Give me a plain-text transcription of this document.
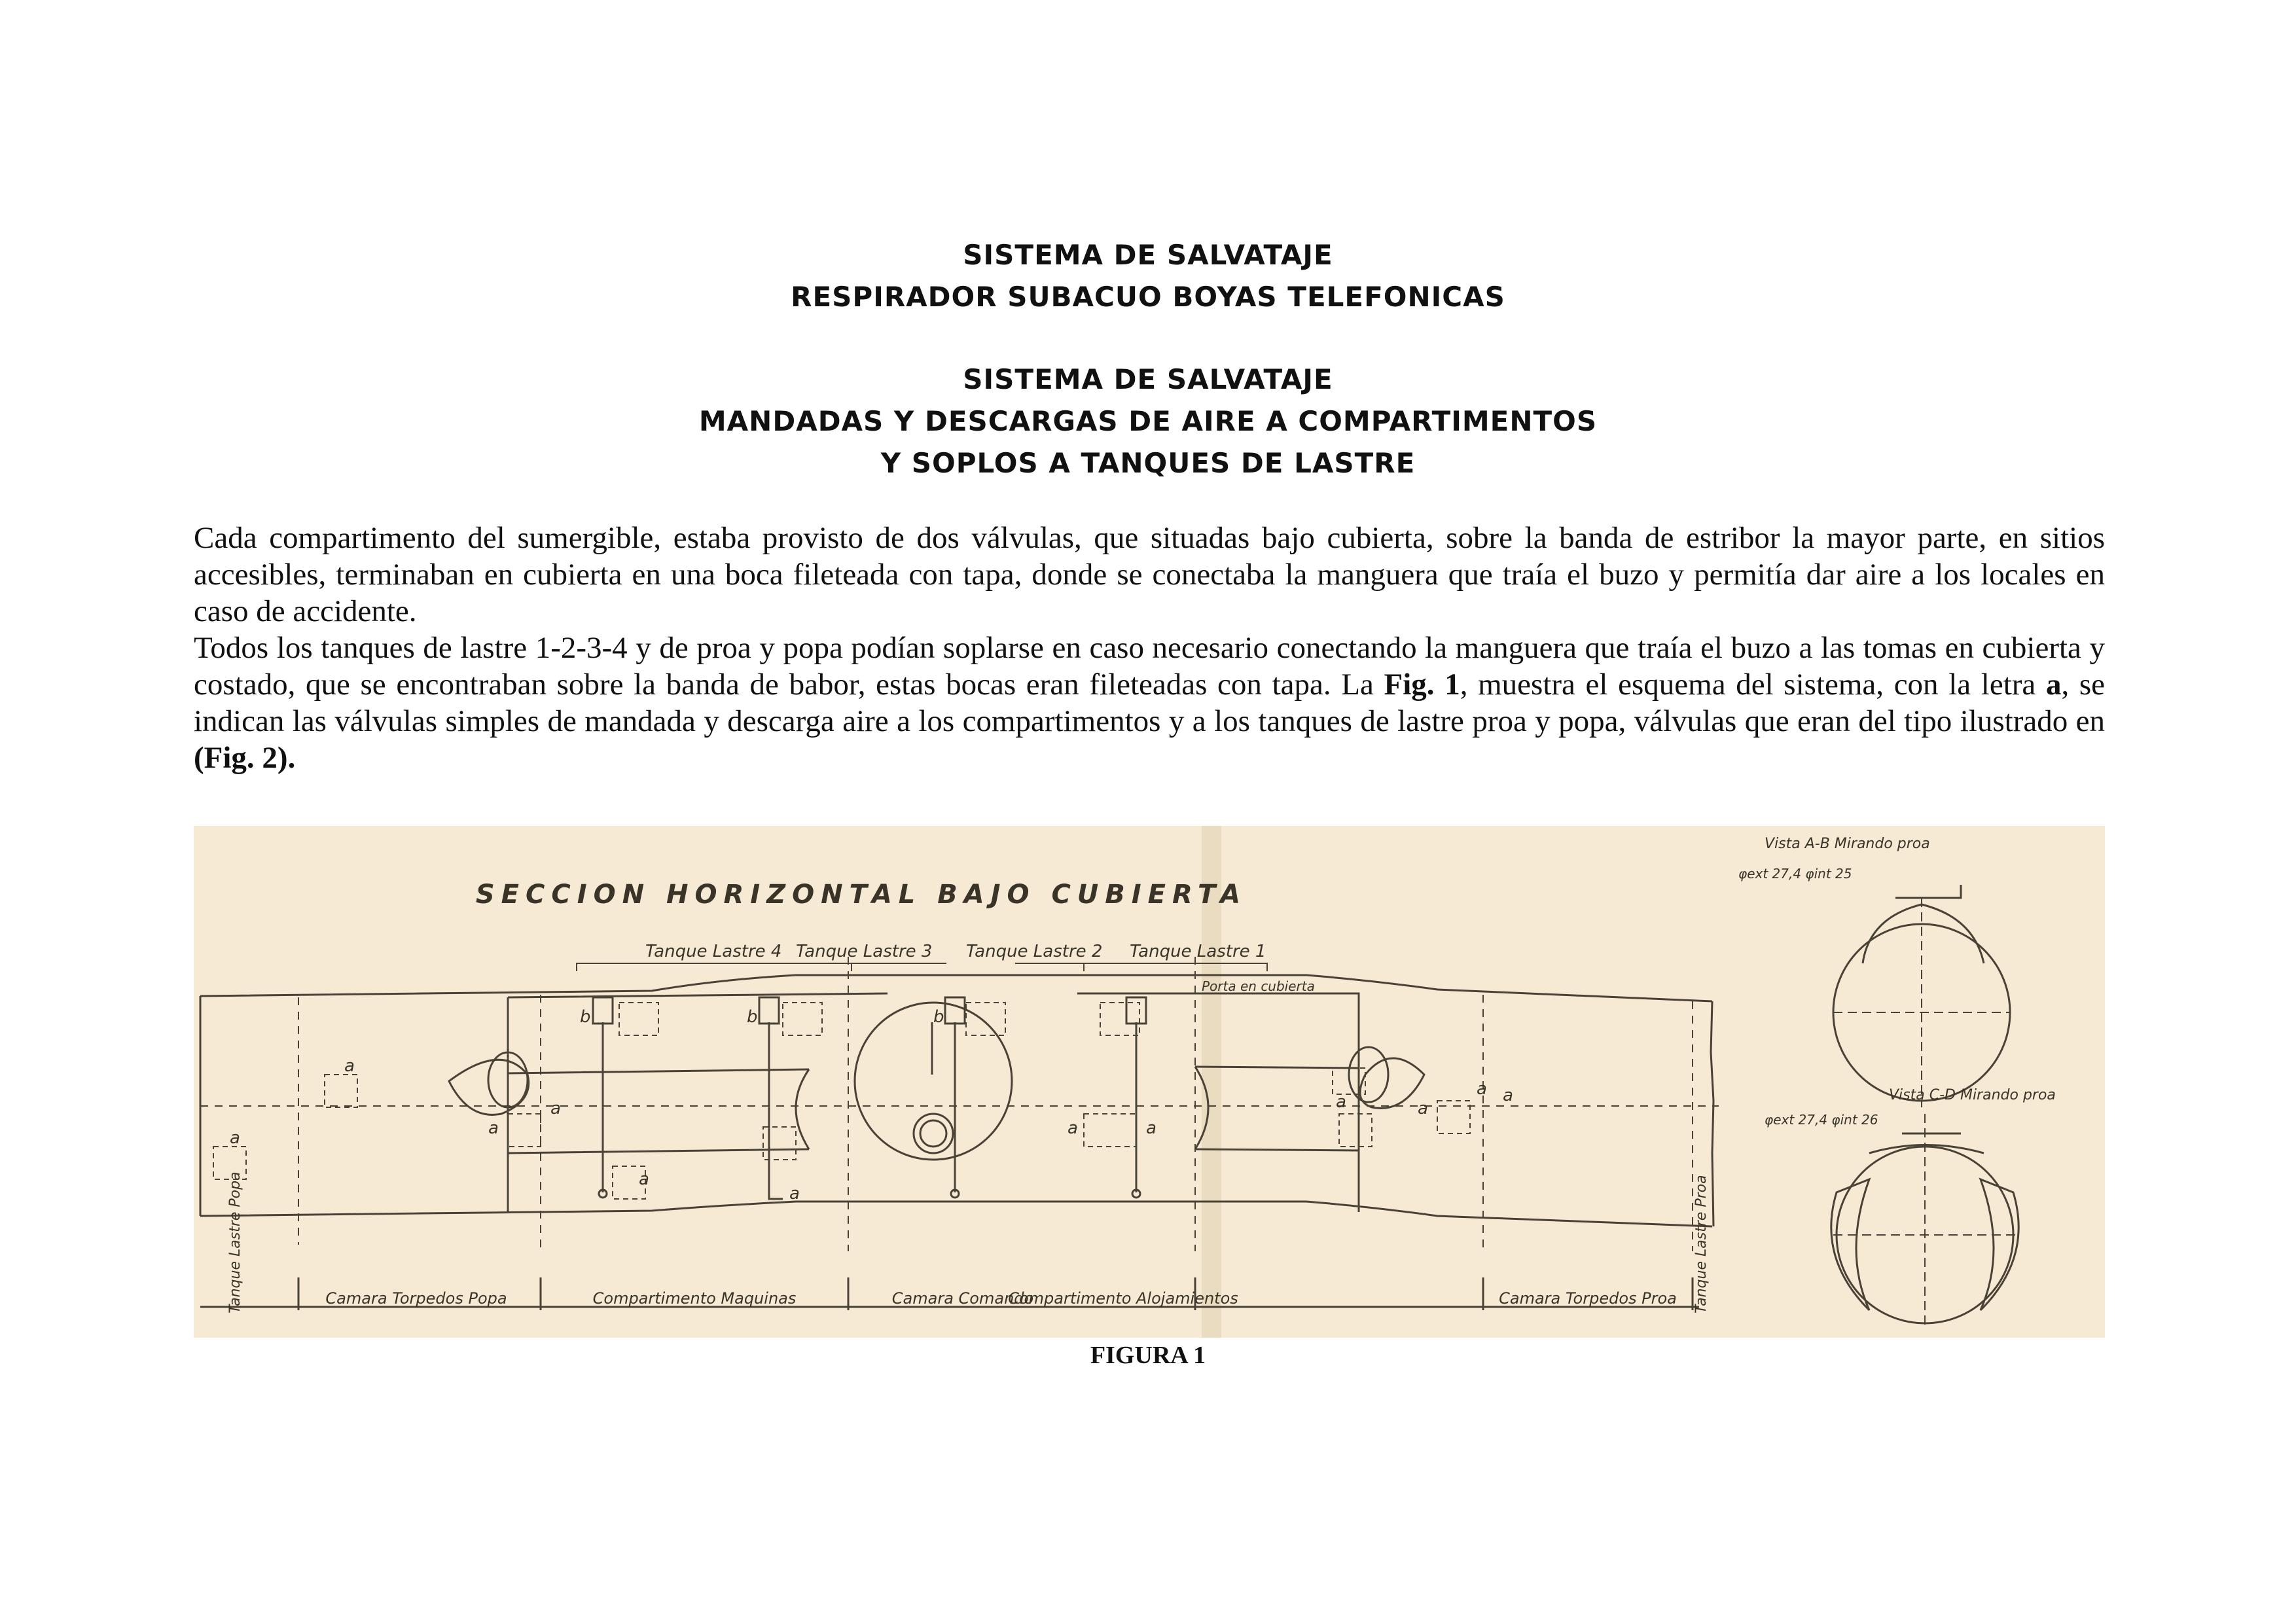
SISTEMA DE SALVATAJE
RESPIRADOR SUBACUO BOYAS TELEFONICAS
SISTEMA DE SALVATAJE
MANDADAS Y DESCARGAS DE AIRE A COMPARTIMENTOS
Y SOPLOS A TANQUES DE LASTRE

Cada compartimento del sumergible, estaba provisto de dos válvulas, que situadas bajo cubierta, sobre la banda de estribor la mayor parte, en sitios accesibles, terminaban en cubierta en una boca fileteada con tapa, donde se conectaba la manguera que traía el buzo y permitía dar aire a los locales en caso de accidente.

Todos los tanques de lastre 1-2-3-4 y de proa y popa podían soplarse en caso necesario conectando la manguera que traía el buzo a las tomas en cubierta y costado, que se encontraban sobre la banda de babor, estas bocas eran fileteadas con tapa. La Fig. 1, muestra el esquema del sistema, con la letra a, se indican las válvulas simples de mandada y descarga aire a los compartimentos y a los tanques de lastre proa y popa, válvulas que eran del tipo ilustrado en (Fig. 2).

SECCION HORIZONTAL BAJO CUBIERTA
Tanque Lastre 4 Tanque Lastre 3 Tanque Lastre 2 Tanque Lastre 1
Porta en cubierta
a
a	a
a
a
a	a
a
a
a
a
a
b	b	b
Camara Torpedos Popa	Compartimento Maquinas	Camara Comando
Compartimento Alojamientos	Camara Torpedos Proa
Tanque Lastre Popa	Tanque Lastre Proa
Vista A-B Mirando proa
φext 27,4 φint 25
Vista C-D Mirando proa
φext 27,4 φint 26
FIGURA 1
